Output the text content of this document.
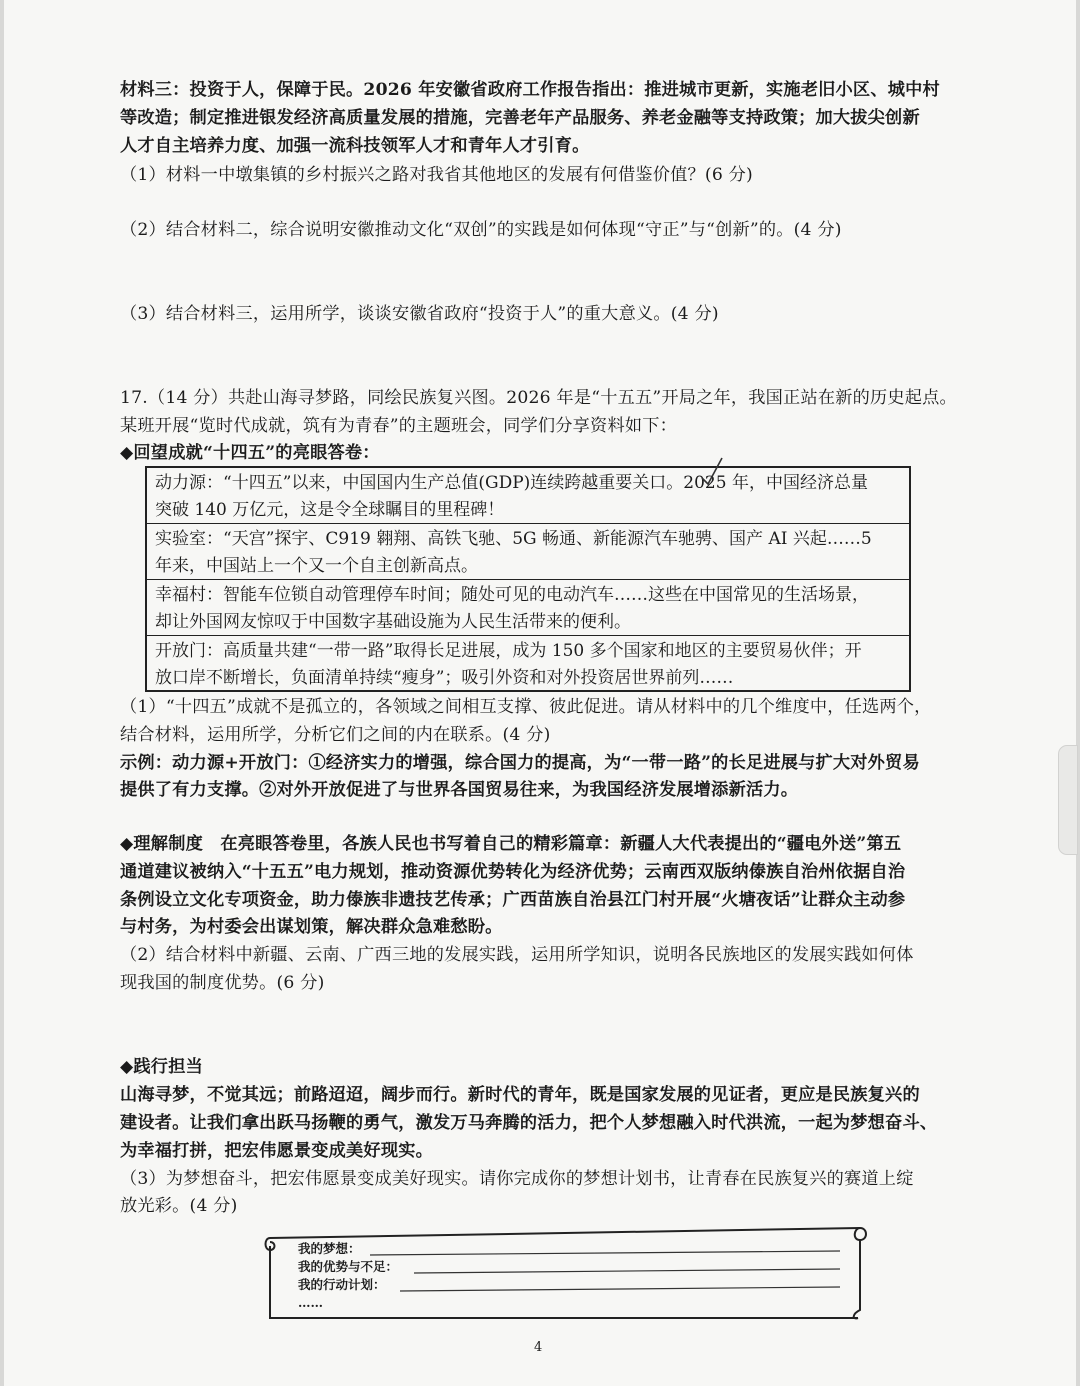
材料三：投资于人，保障于民。2026 年安徽省政府工作报告指出：推进城市更新，实施老旧小区、城中村
等改造；制定推进银发经济高质量发展的措施，完善老年产品服务、养老金融等支持政策；加大拔尖创新
人才自主培养力度、加强一流科技领军人才和青年人才引育。
（1）材料一中墩集镇的乡村振兴之路对我省其他地区的发展有何借鉴价值？(6 分)
（2）结合材料二，综合说明安徽推动文化“双创”的实践是如何体现“守正”与“创新”的。(4 分)
（3）结合材料三，运用所学，谈谈安徽省政府“投资于人”的重大意义。(4 分)
17.（14 分）共赴山海寻梦路，同绘民族复兴图。2026 年是“十五五”开局之年，我国正站在新的历史起点。
某班开展“览时代成就，筑有为青春”的主题班会，同学们分享资料如下：
◆回望成就“十四五”的亮眼答卷：
动力源：“十四五”以来，中国国内生产总值(GDP)连续跨越重要关口。2025 年，中国经济总量
突破 140 万亿元，这是令全球瞩目的里程碑！
实验室：“天宫”探宇、C919 翱翔、高铁飞驰、5G 畅通、新能源汽车驰骋、国产 AI 兴起……5
年来，中国站上一个又一个自主创新高点。
幸福村：智能车位锁自动管理停车时间；随处可见的电动汽车……这些在中国常见的生活场景，
却让外国网友惊叹于中国数字基础设施为人民生活带来的便利。
开放门：高质量共建“一带一路”取得长足进展，成为 150 多个国家和地区的主要贸易伙伴；开
放口岸不断增长，负面清单持续“瘦身”；吸引外资和对外投资居世界前列……
（1）“十四五”成就不是孤立的，各领域之间相互支撑、彼此促进。请从材料中的几个维度中，任选两个，
结合材料，运用所学，分析它们之间的内在联系。(4 分)
示例：动力源+开放门：①经济实力的增强，综合国力的提高，为“一带一路”的长足进展与扩大对外贸易
提供了有力支撑。②对外开放促进了与世界各国贸易往来，为我国经济发展增添新活力。
◆理解制度　在亮眼答卷里，各族人民也书写着自己的精彩篇章：新疆人大代表提出的“疆电外送”第五
通道建议被纳入“十五五”电力规划，推动资源优势转化为经济优势；云南西双版纳傣族自治州依据自治
条例设立文化专项资金，助力傣族非遗技艺传承；广西苗族自治县江门村开展“火塘夜话”让群众主动参
与村务，为村委会出谋划策，解决群众急难愁盼。
（2）结合材料中新疆、云南、广西三地的发展实践，运用所学知识，说明各民族地区的发展实践如何体
现我国的制度优势。(6 分)
◆践行担当
山海寻梦，不觉其远；前路迢迢，阔步而行。新时代的青年，既是国家发展的见证者，更应是民族复兴的
建设者。让我们拿出跃马扬鞭的勇气，激发万马奔腾的活力，把个人梦想融入时代洪流，一起为梦想奋斗、
为幸福打拼，把宏伟愿景变成美好现实。
（3）为梦想奋斗，把宏伟愿景变成美好现实。请你完成你的梦想计划书，让青春在民族复兴的赛道上绽
放光彩。(4 分)
我的梦想：
我的优势与不足：
我的行动计划：
……
4
